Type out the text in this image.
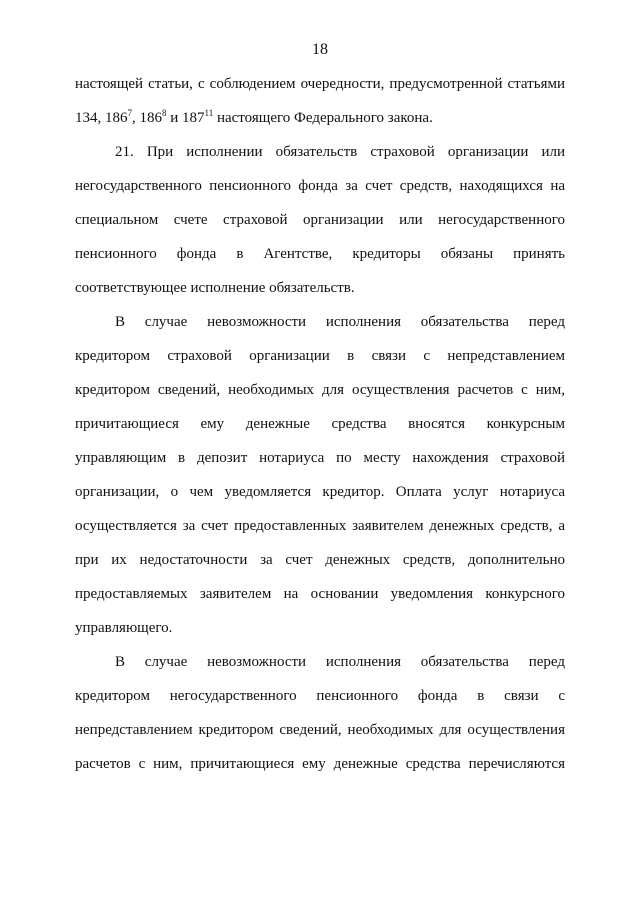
18
настоящей статьи, с соблюдением очередности, предусмотренной статьями
134, $186^7$, $186^8$ и $187^{11}$ настоящего Федерального закона.
21. При исполнении обязательств страховой организации или
негосударственного пенсионного фонда за счет средств, находящихся на
специальном счете страховой организации или негосударственного
пенсионного фонда в Агентстве, кредиторы обязаны принять
соответствующее исполнение обязательств.
В случае невозможности исполнения обязательства перед
кредитором страховой организации в связи с непредставлением
кредитором сведений, необходимых для осуществления расчетов с ним,
причитающиеся ему денежные средства вносятся конкурсным
управляющим в депозит нотариуса по месту нахождения страховой
организации, о чем уведомляется кредитор. Оплата услуг нотариуса
осуществляется за счет предоставленных заявителем денежных средств, а
при их недостаточности за счет денежных средств, дополнительно
предоставляемых заявителем на основании уведомления конкурсного
управляющего.
В случае невозможности исполнения обязательства перед
кредитором негосударственного пенсионного фонда в связи с
непредставлением кредитором сведений, необходимых для осуществления
расчетов с ним, причитающиеся ему денежные средства перечисляются
